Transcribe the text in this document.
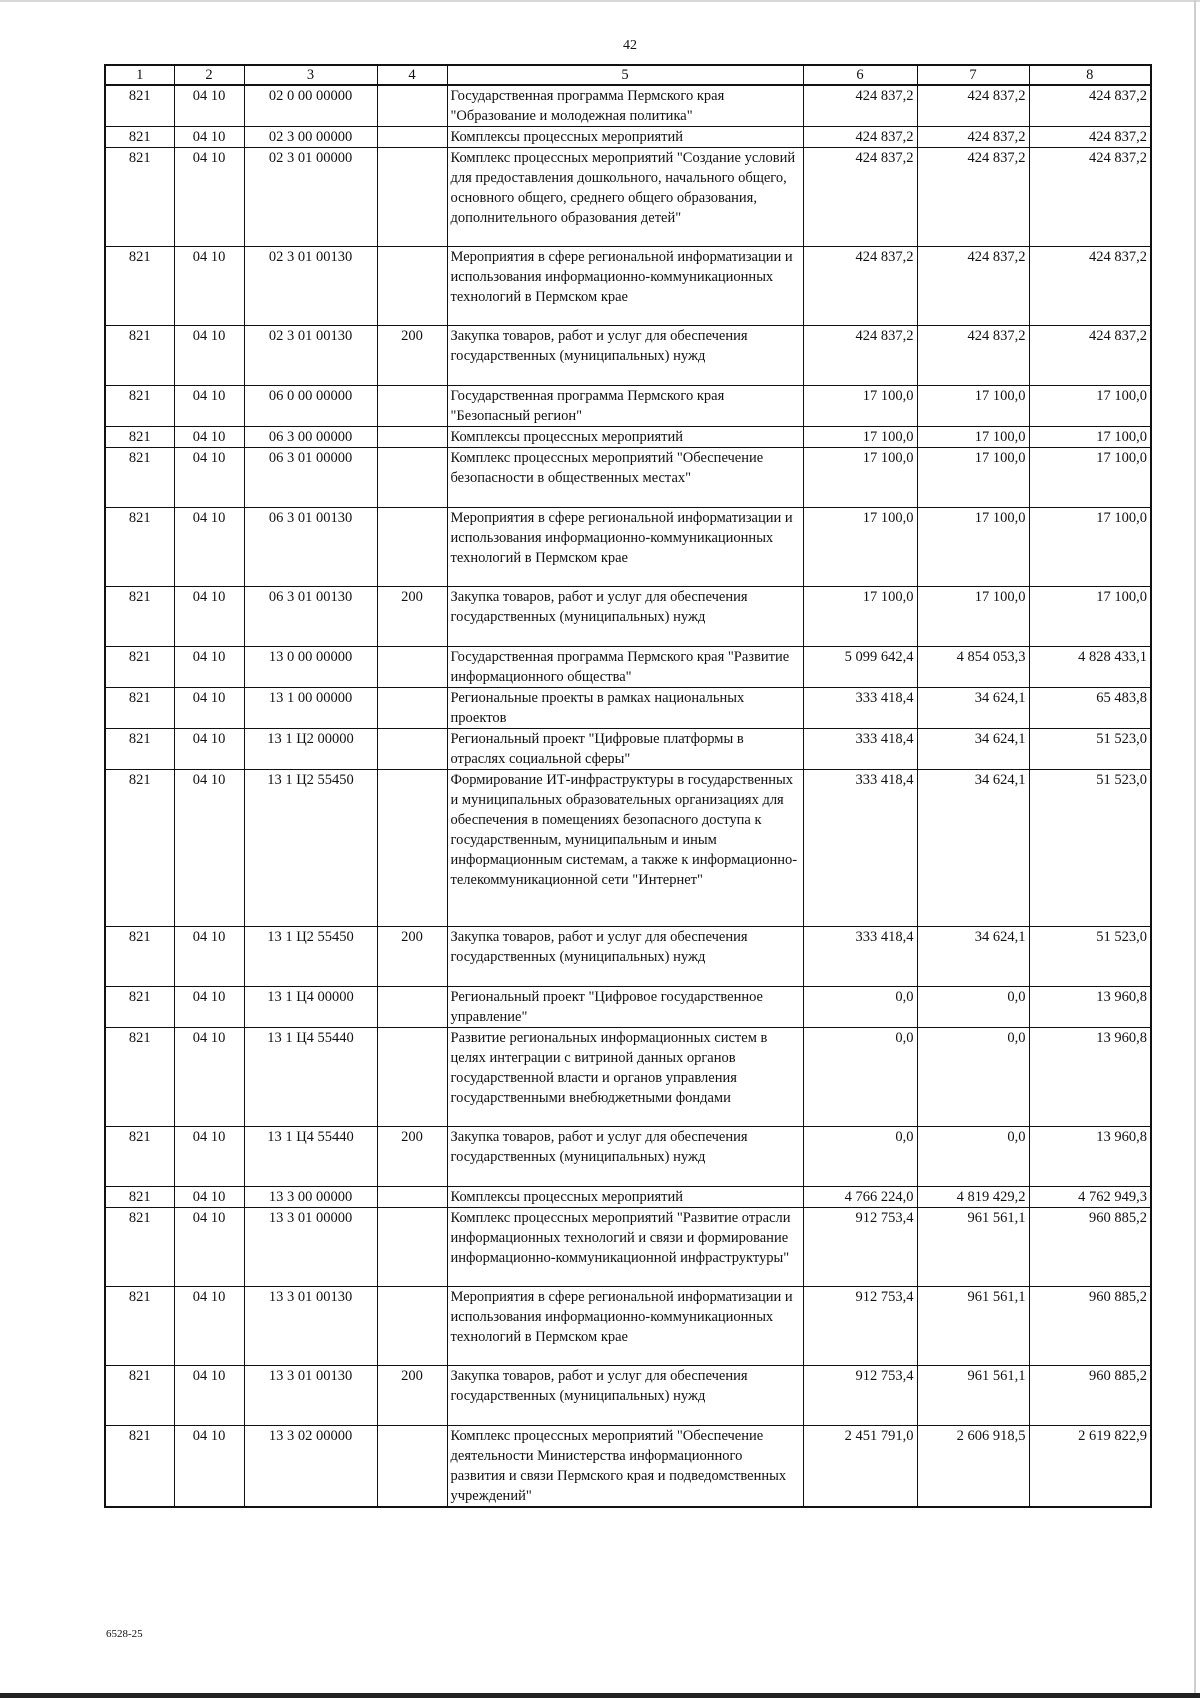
42
1	2	3	4	5	6	7	8
821	04 10	02 0 00 00000		Государственная программа Пермского края "Образование и молодежная политика"	424 837,2	424 837,2	424 837,2
821	04 10	02 3 00 00000		Комплексы процессных мероприятий	424 837,2	424 837,2	424 837,2
821	04 10	02 3 01 00000		Комплекс процессных мероприятий "Создание условий для предоставления дошкольного, начального общего, основного общего, среднего общего образования, дополнительного образования детей"	424 837,2	424 837,2	424 837,2
821	04 10	02 3 01 00130		Мероприятия в сфере региональной информатизации и использования информационно-коммуникационных технологий в Пермском крае	424 837,2	424 837,2	424 837,2
821	04 10	02 3 01 00130	200	Закупка товаров, работ и услуг для обеспечения государственных (муниципальных) нужд	424 837,2	424 837,2	424 837,2
821	04 10	06 0 00 00000		Государственная программа Пермского края "Безопасный регион"	17 100,0	17 100,0	17 100,0
821	04 10	06 3 00 00000		Комплексы процессных мероприятий	17 100,0	17 100,0	17 100,0
821	04 10	06 3 01 00000		Комплекс процессных мероприятий "Обеспечение безопасности в общественных местах"	17 100,0	17 100,0	17 100,0
821	04 10	06 3 01 00130		Мероприятия в сфере региональной информатизации и использования информационно-коммуникационных технологий в Пермском крае	17 100,0	17 100,0	17 100,0
821	04 10	06 3 01 00130	200	Закупка товаров, работ и услуг для обеспечения государственных (муниципальных) нужд	17 100,0	17 100,0	17 100,0
821	04 10	13 0 00 00000		Государственная программа Пермского края "Развитие информационного общества"	5 099 642,4	4 854 053,3	4 828 433,1
821	04 10	13 1 00 00000		Региональные проекты в рамках национальных проектов	333 418,4	34 624,1	65 483,8
821	04 10	13 1 Ц2 00000		Региональный проект "Цифровые платформы в отраслях социальной сферы"	333 418,4	34 624,1	51 523,0
821	04 10	13 1 Ц2 55450		Формирование ИТ-инфраструктуры в государственных и муниципальных образовательных организациях для обеспечения в помещениях безопасного доступа к государственным, муниципальным и иным информационным системам, а также к информационно-телекоммуникационной сети "Интернет"	333 418,4	34 624,1	51 523,0
821	04 10	13 1 Ц2 55450	200	Закупка товаров, работ и услуг для обеспечения государственных (муниципальных) нужд	333 418,4	34 624,1	51 523,0
821	04 10	13 1 Ц4 00000		Региональный проект "Цифровое государственное управление"	0,0	0,0	13 960,8
821	04 10	13 1 Ц4 55440		Развитие региональных информационных систем в целях интеграции с витриной данных органов государственной власти и органов управления государственными внебюджетными фондами	0,0	0,0	13 960,8
821	04 10	13 1 Ц4 55440	200	Закупка товаров, работ и услуг для обеспечения государственных (муниципальных) нужд	0,0	0,0	13 960,8
821	04 10	13 3 00 00000		Комплексы процессных мероприятий	4 766 224,0	4 819 429,2	4 762 949,3
821	04 10	13 3 01 00000		Комплекс процессных мероприятий "Развитие отрасли информационных технологий и связи и формирование информационно-коммуникационной инфраструктуры"	912 753,4	961 561,1	960 885,2
821	04 10	13 3 01 00130		Мероприятия в сфере региональной информатизации и использования информационно-коммуникационных технологий в Пермском крае	912 753,4	961 561,1	960 885,2
821	04 10	13 3 01 00130	200	Закупка товаров, работ и услуг для обеспечения государственных (муниципальных) нужд	912 753,4	961 561,1	960 885,2
821	04 10	13 3 02 00000		Комплекс процессных мероприятий "Обеспечение деятельности Министерства информационного развития и связи Пермского края и подведомственных учреждений"	2 451 791,0	2 606 918,5	2 619 822,9
6528-25
